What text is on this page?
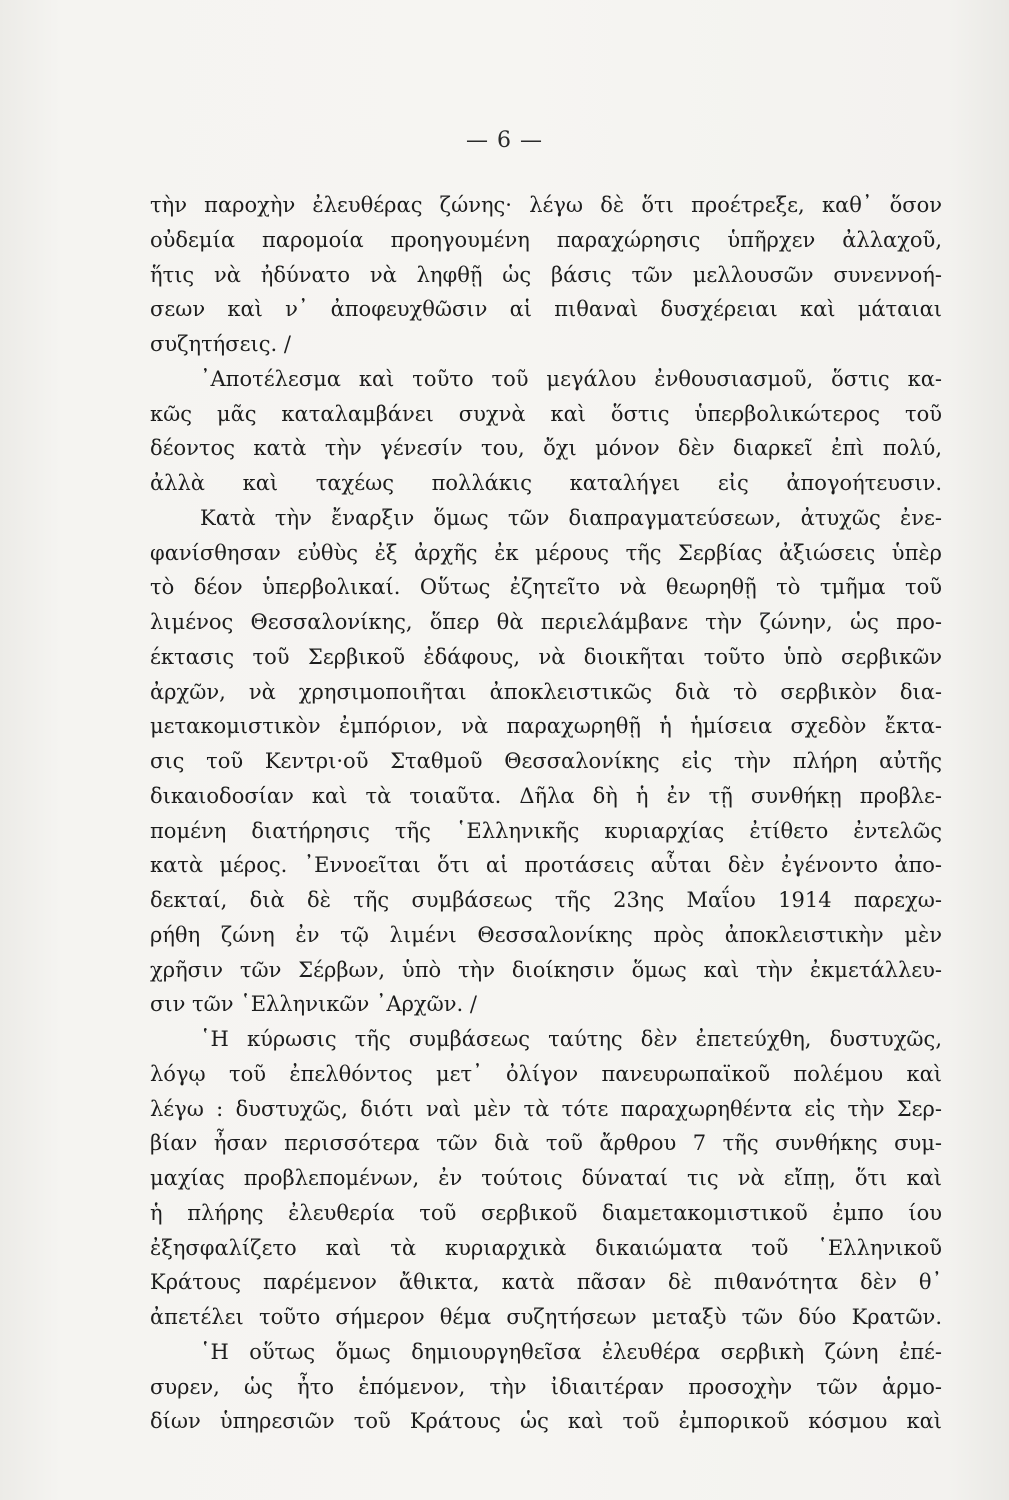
— 6 —
τὴν παροχὴν ἐλευθέρας ζώνης· λέγω δὲ ὅτι προέτρεξε, καθ᾿ ὅσον
οὐδεμία παρομοία προηγουμένη παραχώρησις ὑπῆρχεν ἀλλαχοῦ,
ἥτις νὰ ἠδύνατο νὰ ληφθῇ ὡς βάσις τῶν μελλουσῶν συνεννοή-
σεων καὶ ν᾿ ἀποφευχθῶσιν αἱ πιθαναὶ δυσχέρειαι καὶ μάταιαι
συζητήσεις. /
᾿Αποτέλεσμα καὶ τοῦτο τοῦ μεγάλου ἐνθουσιασμοῦ, ὅστις κα-
κῶς μᾶς καταλαμβάνει συχνὰ καὶ ὅστις ὑπερβολικώτερος τοῦ
δέοντος κατὰ τὴν γένεσίν του, ὄχι μόνον δὲν διαρκεῖ ἐπὶ πολύ,
ἀλλὰ καὶ ταχέως πολλάκις καταλήγει εἰς ἀπογοήτευσιν.
Κατὰ τὴν ἔναρξιν ὅμως τῶν διαπραγματεύσεων, ἀτυχῶς ἐνε-
φανίσθησαν εὐθὺς ἐξ ἀρχῆς ἐκ μέρους τῆς Σερβίας ἀξιώσεις ὑπὲρ
τὸ δέον ὑπερβολικαί. Οὕτως ἐζητεῖτο νὰ θεωρηθῇ τὸ τμῆμα τοῦ
λιμένος Θεσσαλονίκης, ὅπερ θὰ περιελάμβανε τὴν ζώνην, ὡς προ-
έκτασις τοῦ Σερβικοῦ ἐδάφους, νὰ διοικῆται τοῦτο ὑπὸ σερβικῶν
ἀρχῶν, νὰ χρησιμοποιῆται ἀποκλειστικῶς διὰ τὸ σερβικὸν δια-
μετακομιστικὸν ἐμπόριον, νὰ παραχωρηθῇ ἡ ἡμίσεια σχεδὸν ἔκτα-
σις τοῦ Κεντρι·οῦ Σταθμοῦ Θεσσαλονίκης εἰς τὴν πλήρη αὐτῆς
δικαιοδοσίαν καὶ τὰ τοιαῦτα. Δῆλα δὴ ἡ ἐν τῇ συνθήκῃ προβλε-
πομένη διατήρησις τῆς ῾Ελληνικῆς κυριαρχίας ἐτίθετο ἐντελῶς
κατὰ μέρος. ᾿Εννοεῖται ὅτι αἱ προτάσεις αὗται δὲν ἐγένοντο ἀπο-
δεκταί, διὰ δὲ τῆς συμβάσεως τῆς 23ης Μαΐου 1914 παρεχω-
ρήθη ζώνη ἐν τῷ λιμένι Θεσσαλονίκης πρὸς ἀποκλειστικὴν μὲν
χρῆσιν τῶν Σέρβων, ὑπὸ τὴν διοίκησιν ὅμως καὶ τὴν ἐκμετάλλευ-
σιν τῶν ῾Ελληνικῶν ᾿Αρχῶν. /
῾Η κύρωσις τῆς συμβάσεως ταύτης δὲν ἐπετεύχθη, δυστυχῶς,
λόγῳ τοῦ ἐπελθόντος μετ᾿ ὀλίγον πανευρωπαϊκοῦ πολέμου καὶ
λέγω : δυστυχῶς, διότι ναὶ μὲν τὰ τότε παραχωρηθέντα εἰς τὴν Σερ-
βίαν ἦσαν περισσότερα τῶν διὰ τοῦ ἄρθρου 7 τῆς συνθήκης συμ-
μαχίας προβλεπομένων, ἐν τούτοις δύναταί τις νὰ εἴπῃ, ὅτι καὶ
ἡ πλήρης ἐλευθερία τοῦ σερβικοῦ διαμετακομιστικοῦ ἐμπο ίου
ἐξησφαλίζετο καὶ τὰ κυριαρχικὰ δικαιώματα τοῦ ῾Ελληνικοῦ
Κράτους παρέμενον ἄθικτα, κατὰ πᾶσαν δὲ πιθανότητα δὲν θ᾿
ἀπετέλει τοῦτο σήμερον θέμα συζητήσεων μεταξὺ τῶν δύο Κρατῶν.
῾Η οὕτως ὅμως δημιουργηθεῖσα ἐλευθέρα σερβικὴ ζώνη ἐπέ-
συρεν, ὡς ἦτο ἑπόμενον, τὴν ἰδιαιτέραν προσοχὴν τῶν ἁρμο-
δίων ὑπηρεσιῶν τοῦ Κράτους ὡς καὶ τοῦ ἐμπορικοῦ κόσμου καὶ
